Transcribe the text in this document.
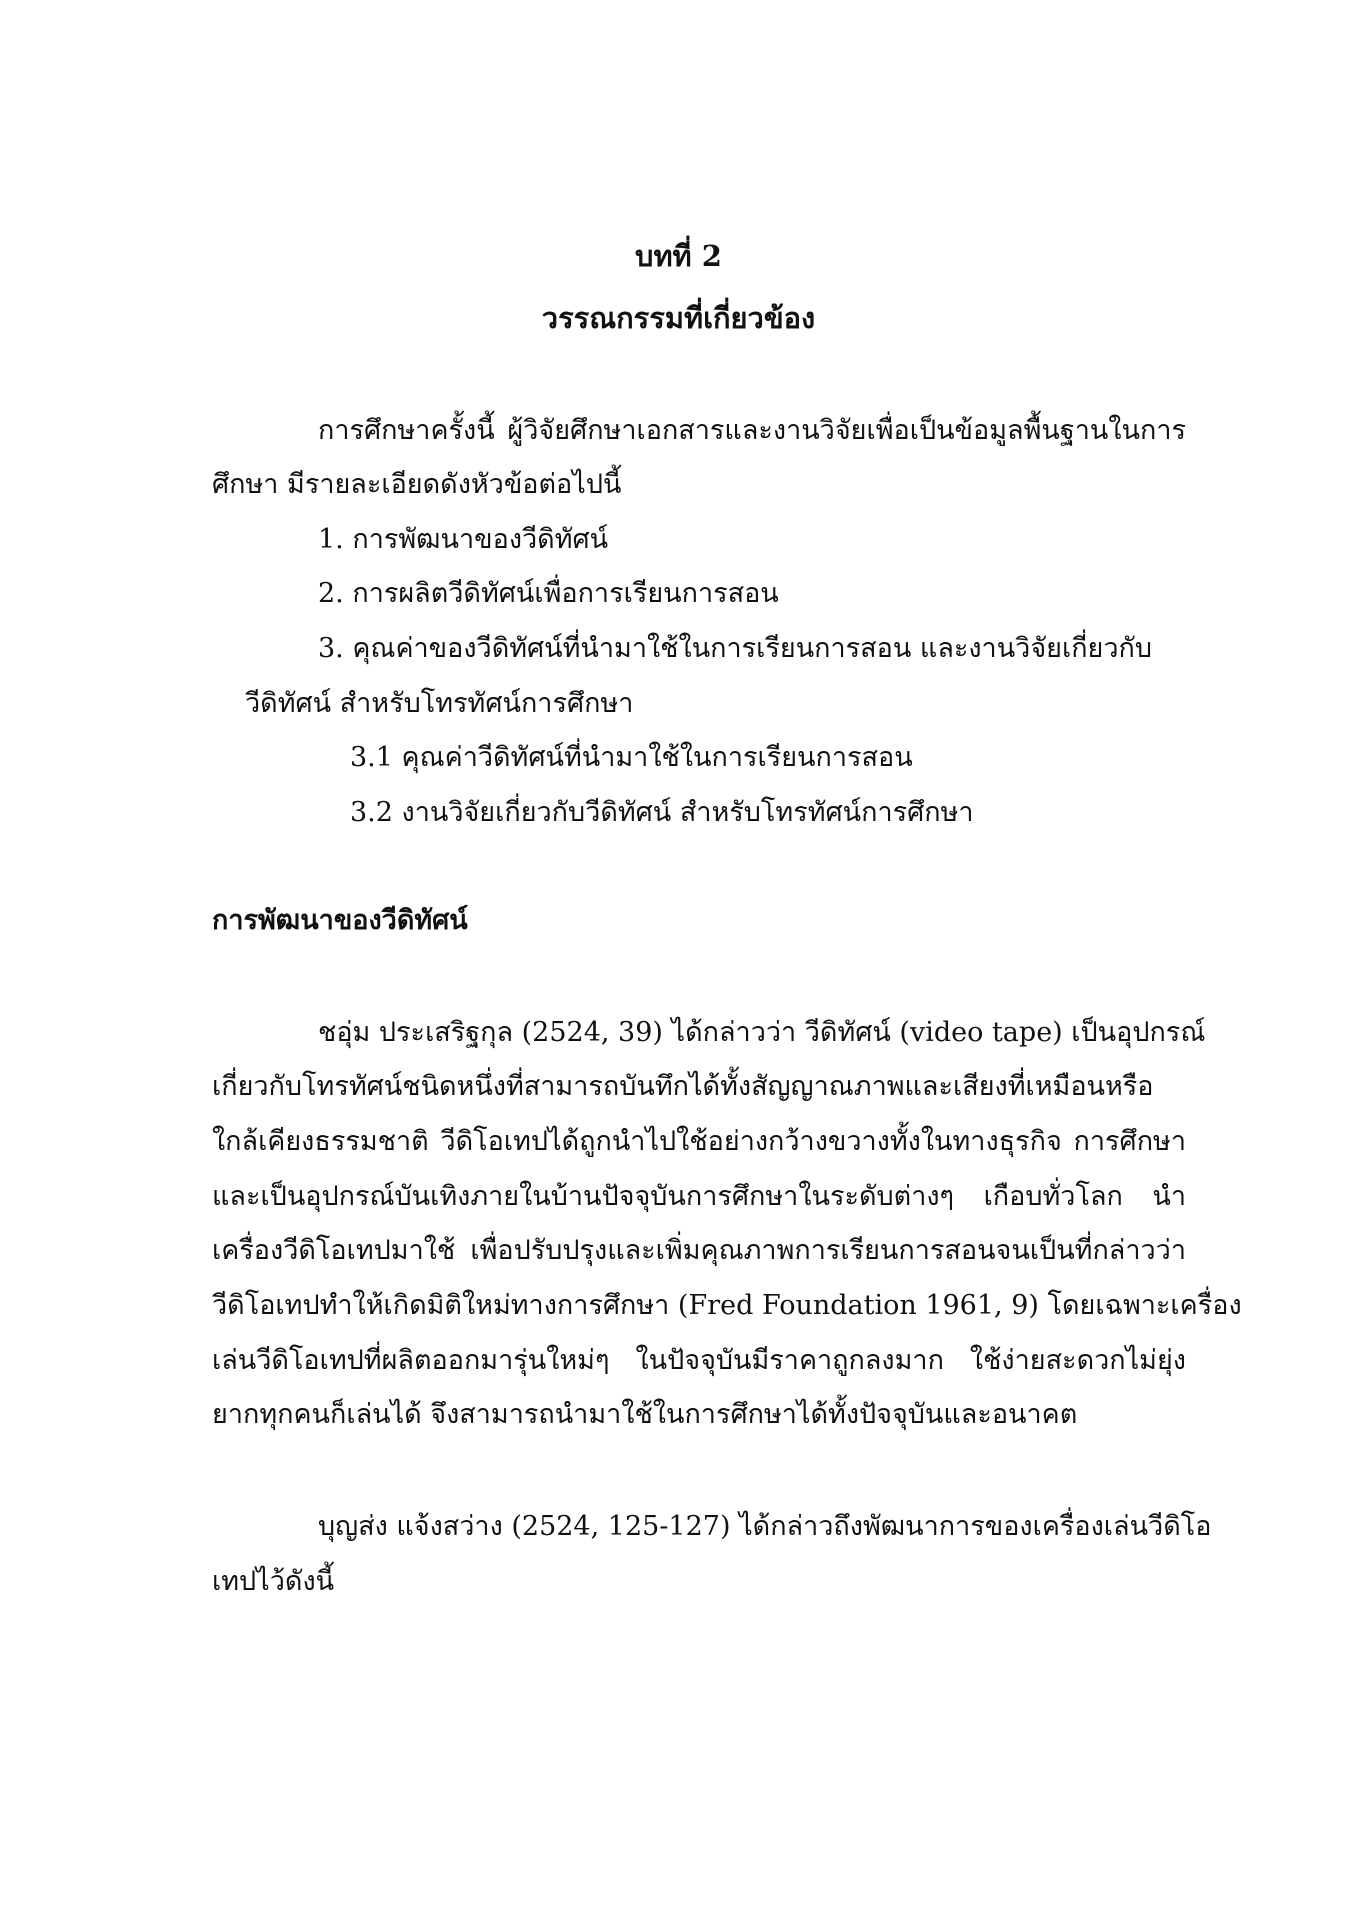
บทที่ 2
วรรณกรรมที่เกี่ยวข้อง
การศึกษาครั้งนี้ ผู้วิจัยศึกษาเอกสารและงานวิจัยเพื่อเป็นข้อมูลพื้นฐานในการ
ศึกษา มีรายละเอียดดังหัวข้อต่อไปนี้
1. การพัฒนาของวีดิทัศน์
2. การผลิตวีดิทัศน์เพื่อการเรียนการสอน
3. คุณค่าของวีดิทัศน์ที่นำมาใช้ในการเรียนการสอน และงานวิจัยเกี่ยวกับ
วีดิทัศน์ สำหรับโทรทัศน์การศึกษา
3.1 คุณค่าวีดิทัศน์ที่นำมาใช้ในการเรียนการสอน
3.2 งานวิจัยเกี่ยวกับวีดิทัศน์ สำหรับโทรทัศน์การศึกษา
การพัฒนาของวีดิทัศน์
ชอุ่ม ประเสริฐกุล (2524, 39) ได้กล่าวว่า วีดิทัศน์ (video tape) เป็นอุปกรณ์
เกี่ยวกับโทรทัศน์ชนิดหนึ่งที่สามารถบันทึกได้ทั้งสัญญาณภาพและเสียงที่เหมือนหรือ
ใกล้เคียงธรรมชาติ วีดิโอเทปได้ถูกนำไปใช้อย่างกว้างขวางทั้งในทางธุรกิจ การศึกษา
และเป็นอุปกรณ์บันเทิงภายในบ้านปัจจุบันการศึกษาในระดับต่างๆ เกือบทั่วโลก นำ
เครื่องวีดิโอเทปมาใช้ เพื่อปรับปรุงและเพิ่มคุณภาพการเรียนการสอนจนเป็นที่กล่าวว่า
วีดิโอเทปทำให้เกิดมิติใหม่ทางการศึกษา (Fred Foundation 1961, 9) โดยเฉพาะเครื่อง
เล่นวีดิโอเทปที่ผลิตออกมารุ่นใหม่ๆ ในปัจจุบันมีราคาถูกลงมาก ใช้ง่ายสะดวกไม่ยุ่ง
ยากทุกคนก็เล่นได้ จึงสามารถนำมาใช้ในการศึกษาได้ทั้งปัจจุบันและอนาคต
บุญส่ง แจ้งสว่าง (2524, 125-127) ได้กล่าวถึงพัฒนาการของเครื่องเล่นวีดิโอ
เทปไว้ดังนี้
